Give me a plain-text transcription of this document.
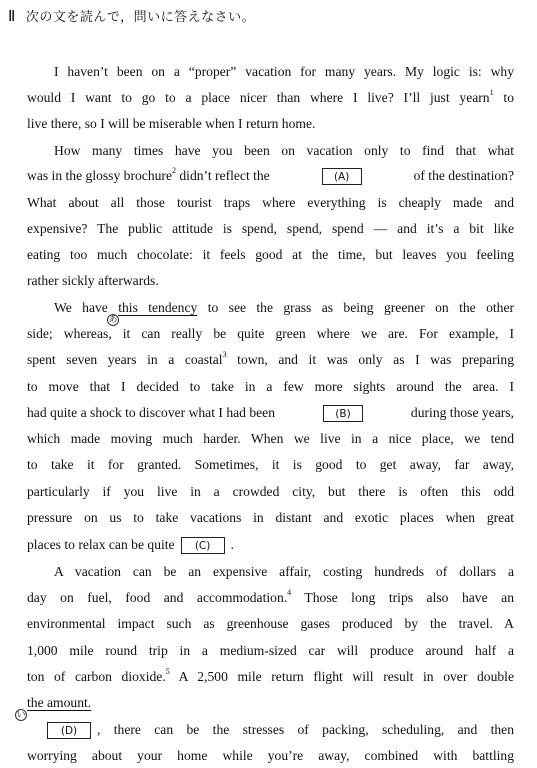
Ⅱ 次の文を読んで，問いに答えなさい。
I haven’t been on a “proper” vacation for many years. My logic is: why
would I want to go to a place nicer than where I live? I’ll just yearn$^1$ to
live there, so I will be miserable when I return home.
How many times have you been on vacation only to find that what
was in the glossy brochure$^2$ didn’t reflect the	(A)	of the destination?
What about all those tourist traps where everything is cheaply made and
expensive? The public attitude is spend, spend, spend — and it’s a bit like
eating too much chocolate: it feels good at the time, but leaves you feeling
rather sickly afterwards.
We have this tendency to see the grass as being greener on the other
あ
side; whereas, it can really be quite green where we are. For example, I
spent seven years in a coastal$^3$ town, and it was only as I was preparing
to move that I decided to take in a few more sights around the area. I
had quite a shock to discover what I had been	(B)	during those years,
which made moving much harder. When we live in a nice place, we tend
to take it for granted. Sometimes, it is good to get away, far away,
particularly if you live in a crowded city, but there is often this odd
pressure on us to take vacations in distant and exotic places when great
places to relax can be quite	(C)	.
A vacation can be an expensive affair, costing hundreds of dollars a
day on fuel, food and accommodation.$^4$ Those long trips also have an
environmental impact such as greenhouse gases produced by the travel. A
1,000 mile round trip in a medium-sized car will produce around half a
ton of carbon dioxide.$^5$ A 2,500 mile return flight will result in over double
the amount.
い
(D)	, there can be the stresses of packing, scheduling, and then
worrying about your home while you’re away, combined with battling
